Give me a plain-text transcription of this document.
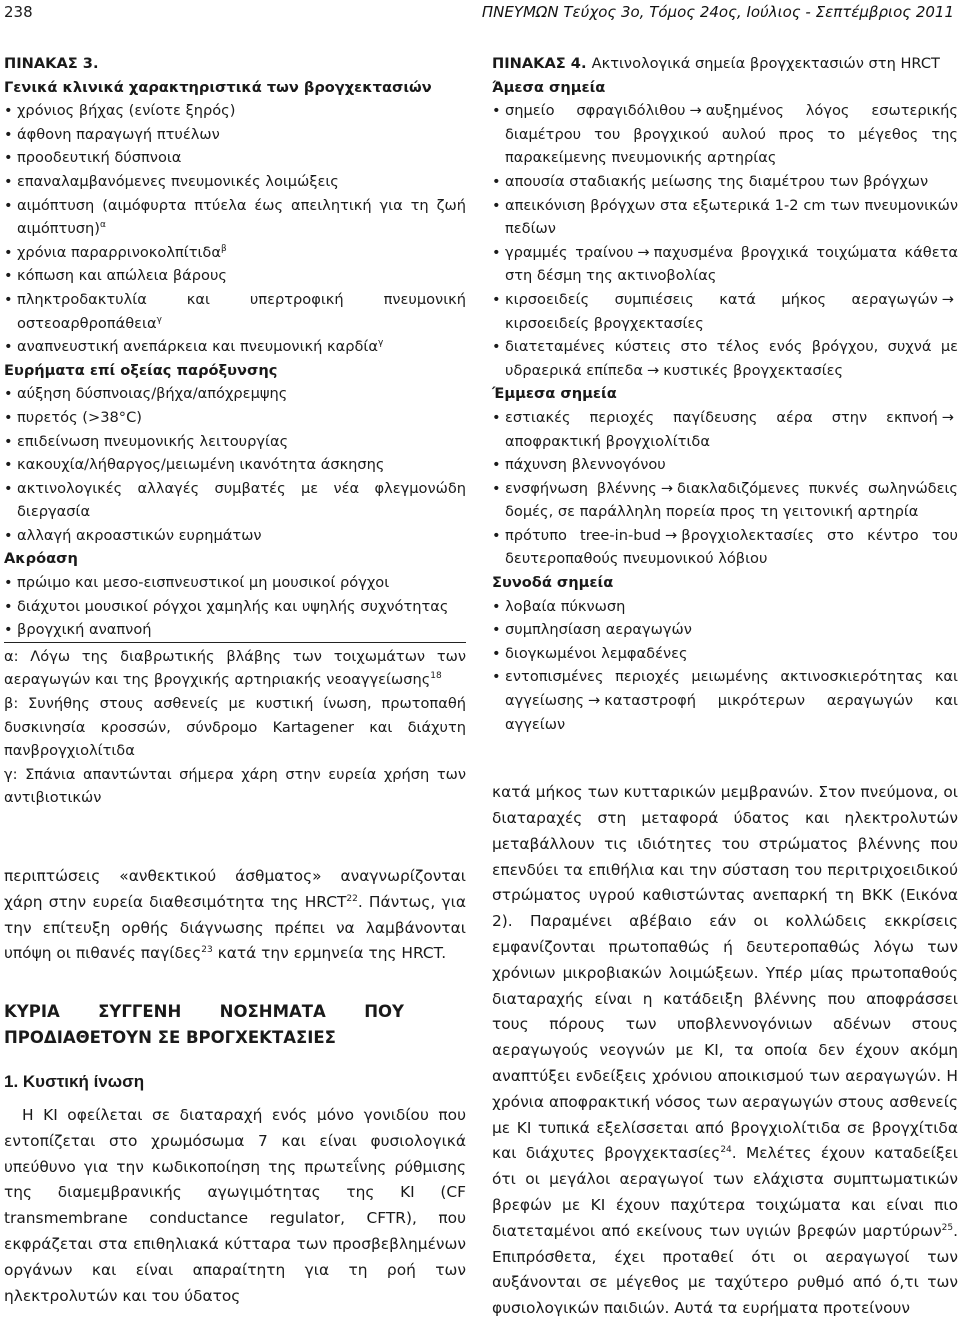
238	ΠΝΕΥΜΩΝ Τεύχος 3ο, Τόμος 24ος, Ιούλιος - Σεπτέμβριος 2011
ΠΙΝΑΚΑΣ 3.
Γενικά κλινικά χαρακτηριστικά των βρογχεκτασιών
• χρόνιος βήχας (ενίοτε ξηρός)
• άφθονη παραγωγή πτυέλων
• προοδευτική δύσπνοια
• επαναλαμβανόμενες πνευμονικές λοιμώξεις
• αιμόπτυση (αιμόφυρτα πτύελα έως απειλητική για τη ζωή αιμόπτυση)$^\alpha$
• χρόνια παραρρινοκολπίτιδα$^\beta$
• κόπωση και απώλεια βάρους
• πληκτροδακτυλία και υπερτροφική πνευμονική οστεοαρθροπάθεια$^\gamma$
• αναπνευστική ανεπάρκεια και πνευμονική καρδία$^\gamma$
Ευρήματα επί οξείας παρόξυνσης
• αύξηση δύσπνοιας/βήχα/απόχρεμψης
• πυρετός (>38°C)
• επιδείνωση πνευμονικής λειτουργίας
• κακουχία/λήθαργος/μειωμένη ικανότητα άσκησης
• ακτινολογικές αλλαγές συμβατές με νέα φλεγμονώδη διεργασία
• αλλαγή ακροαστικών ευρημάτων
Ακρόαση
• πρώιμο και μεσο-εισπνευστικοί μη μουσικοί ρόγχοι
• διάχυτοι μουσικοί ρόγχοι χαμηλής και υψηλής συχνότητας
• βρογχική αναπνοή

α: Λόγω της διαβρωτικής βλάβης των τοιχωμάτων των αεραγωγών και της βρογχικής αρτηριακής νεοαγγείωσης$^{18}$

β: Συνήθης στους ασθενείς με κυστική ίνωση, πρωτοπαθή δυσκινησία κροσσών, σύνδρομο Kartagener και διάχυτη πανβρογχιολίτιδα

γ: Σπάνια απαντώνται σήμερα χάρη στην ευρεία χρήση των αντιβιοτικών

περιπτώσεις «ανθεκτικού άσθματος» αναγνωρίζονται χάρη στην ευρεία διαθεσιμότητα της HRCT$^{22}$. Πάντως, για την επίτευξη ορθής διάγνωσης πρέπει να λαμβάνονται υπόψη οι πιθανές παγίδες$^{23}$ κατά την ερμηνεία της HRCT.

ΚΥΡΙΑ ΣΥΓΓΕΝΗ ΝΟΣΗΜΑΤΑ ΠΟΥ ΠΡΟΔΙΑΘΕΤΟΥΝ ΣΕ ΒΡΟΓΧΕΚΤΑΣΙΕΣ
1. Κυστική ίνωση

Η ΚΙ οφείλεται σε διαταραχή ενός μόνο γονιδίου που εντοπίζεται στο χρωμόσωμα 7 και είναι φυσιολογικά υπεύθυνο για την κωδικοποίηση της πρωτεΐνης ρύθμισης της διαμεμβρανικής αγωγιμότητας της ΚΙ (CF transmembrane conductance regulator, CFTR), που εκφράζεται στα επιθηλιακά κύτταρα των προσβεβλημένων οργάνων και είναι απαραίτητη για τη ροή των ηλεκτρολυτών και του ύδατος

ΠΙΝΑΚΑΣ 4. Ακτινολογικά σημεία βρογχεκτασιών στη HRCT
Άμεσα σημεία
• σημείο σφραγιδόλιθου → αυξημένος λόγος εσωτερικής διαμέτρου του βρογχικού αυλού προς το μέγεθος της παρακείμενης πνευμονικής αρτηρίας
• απουσία σταδιακής μείωσης της διαμέτρου των βρόγχων
• απεικόνιση βρόγχων στα εξωτερικά 1-2 cm των πνευμονικών πεδίων
• γραμμές τραίνου → παχυσμένα βρογχικά τοιχώματα κάθετα στη δέσμη της ακτινοβολίας
• κιρσοειδείς συμπιέσεις κατά μήκος αεραγωγών →κιρσοειδείς βρογχεκτασίες
• διατεταμένες κύστεις στο τέλος ενός βρόγχου, συχνά με υδραερικά επίπεδα → κυστικές βρογχεκτασίες
Έμμεσα σημεία
• εστιακές περιοχές παγίδευσης αέρα στην εκπνοή →αποφρακτική βρογχιολίτιδα
• πάχυνση βλεννογόνου
• ενσφήνωση βλέννης → διακλαδιζόμενες πυκνές σωληνώδεις δομές, σε παράλληλη πορεία προς τη γειτονική αρτηρία
• πρότυπο tree-in-bud → βρογχιολεκτασίες στο κέντρο του δευτεροπαθούς πνευμονικού λόβιου
Συνοδά σημεία
• λοβαία πύκνωση
• συμπλησίαση αεραγωγών
• διογκωμένοι λεμφαδένες
• εντοπισμένες περιοχές μειωμένης ακτινοσκιερότητας και αγγείωσης → καταστροφή μικρότερων αεραγωγών και αγγείων

κατά μήκος των κυτταρικών μεμβρανών. Στον πνεύμονα, οι διαταραχές στη μεταφορά ύδατος και ηλεκτρολυτών μεταβάλλουν τις ιδιότητες του στρώματος βλέννης που επενδύει τα επιθήλια και την σύσταση του περιτριχοειδικού στρώματος υγρού καθιστώντας ανεπαρκή τη ΒΚΚ (Εικόνα 2). Παραμένει αβέβαιο εάν οι κολλώδεις εκκρίσεις εμφανίζονται πρωτοπαθώς ή δευτεροπαθώς λόγω των χρόνιων μικροβιακών λοιμώξεων. Υπέρ μίας πρωτοπαθούς διαταραχής είναι η κατάδειξη βλέννης που αποφράσσει τους πόρους των υποβλεννογόνιων αδένων στους αεραγωγούς νεογνών με ΚΙ, τα οποία δεν έχουν ακόμη αναπτύξει ενδείξεις χρόνιου αποικισμού των αεραγωγών. Η χρόνια αποφρακτική νόσος των αεραγωγών στους ασθενείς με ΚΙ τυπικά εξελίσσεται από βρογχιολίτιδα σε βρογχίτιδα και διάχυτες βρογχεκτασίες$^{24}$. Μελέτες έχουν καταδείξει ότι οι μεγάλοι αεραγωγοί των ελάχιστα συμπτωματικών βρεφών με ΚΙ έχουν παχύτερα τοιχώματα και είναι πιο διατεταμένοι από εκείνους των υγιών βρεφών μαρτύρων$^{25}$. Επιπρόσθετα, έχει προταθεί ότι οι αεραγωγοί των αυξάνονται σε μέγεθος με ταχύτερο ρυθμό από ό,τι των φυσιολογικών παιδιών. Αυτά τα ευρήματα προτείνουν
